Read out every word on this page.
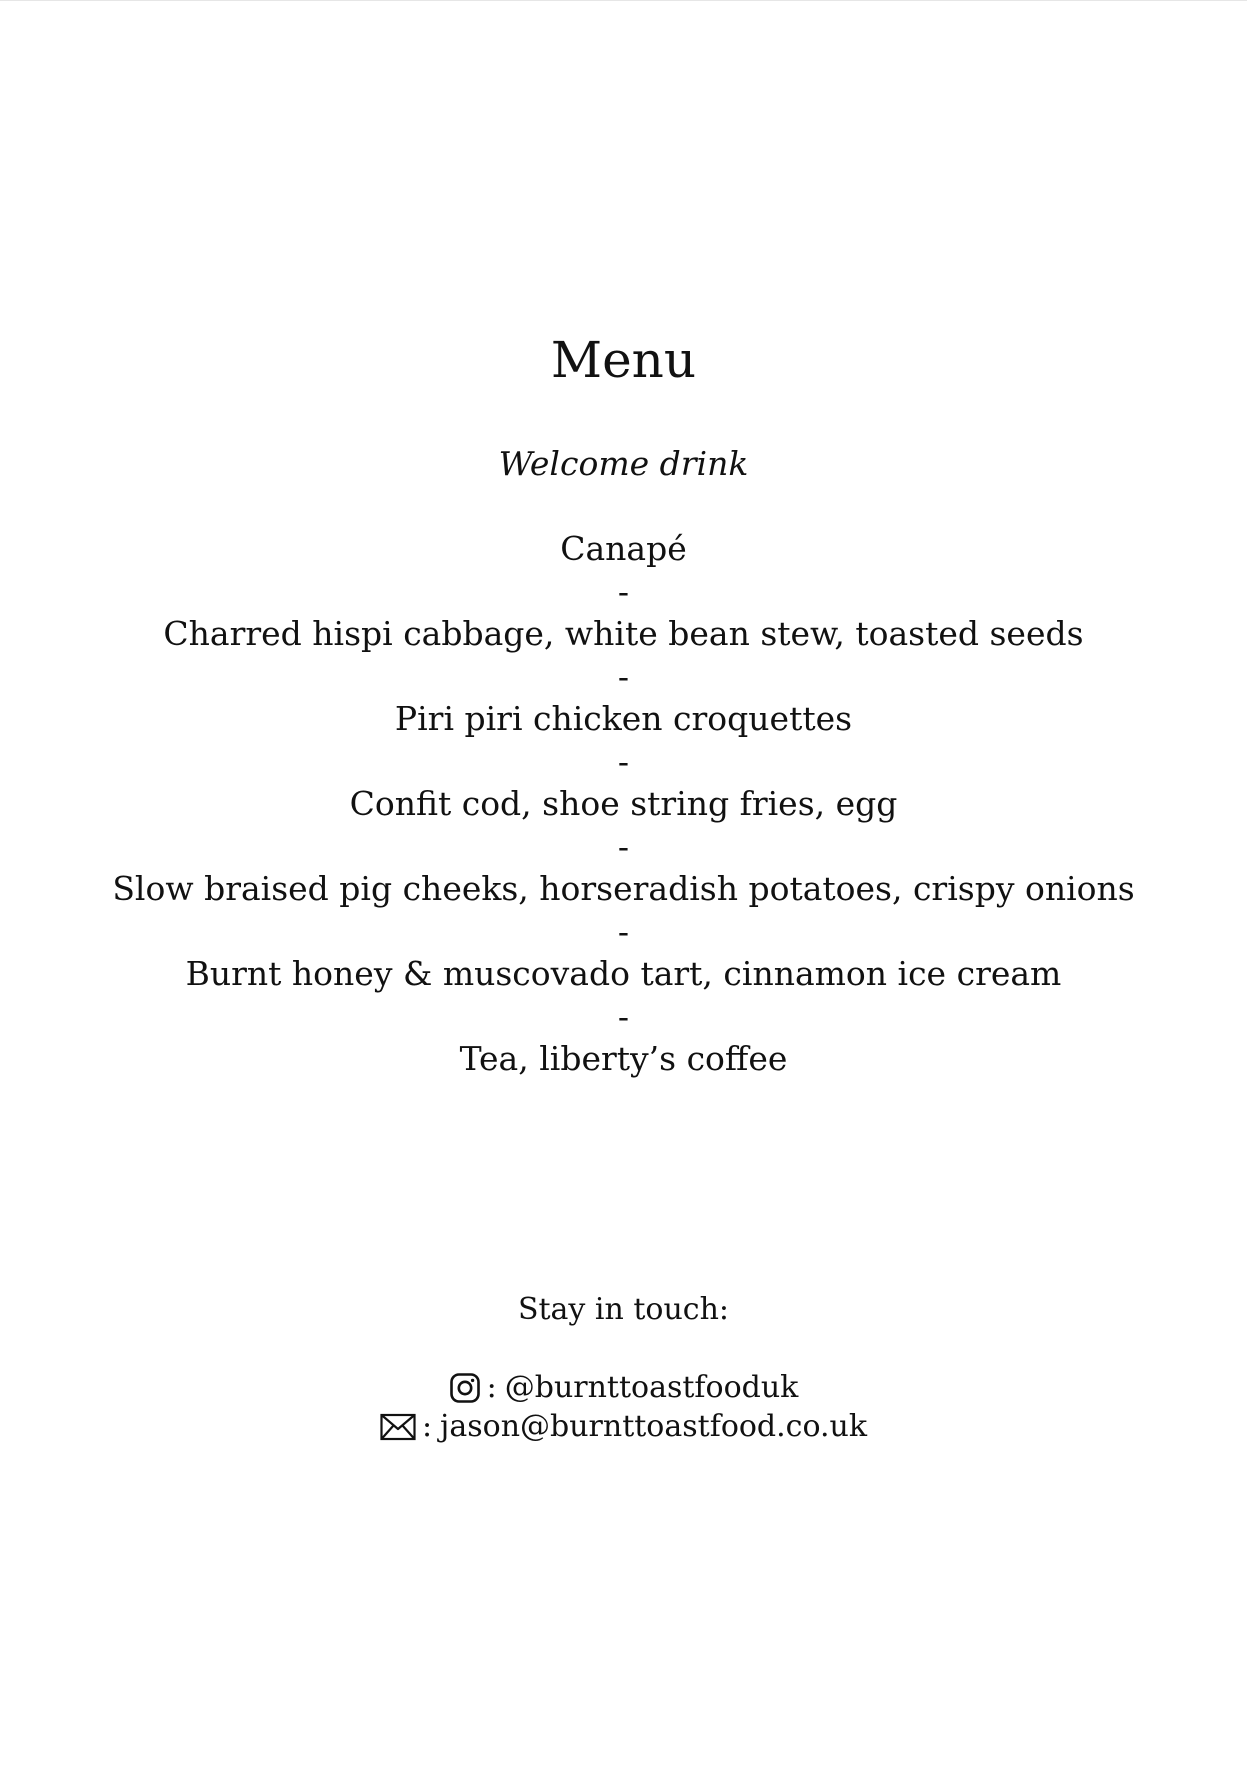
Menu
Welcome drink
Canapé
-
Charred hispi cabbage, white bean stew, toasted seeds
-
Piri piri chicken croquettes
-
Confit cod, shoe string fries, egg
-
Slow braised pig cheeks, horseradish potatoes, crispy onions
-
Burnt honey & muscovado tart, cinnamon ice cream
-
Tea, liberty’s coffee
Stay in touch:
: @burnttoastfooduk
: jason@burnttoastfood.co.uk
